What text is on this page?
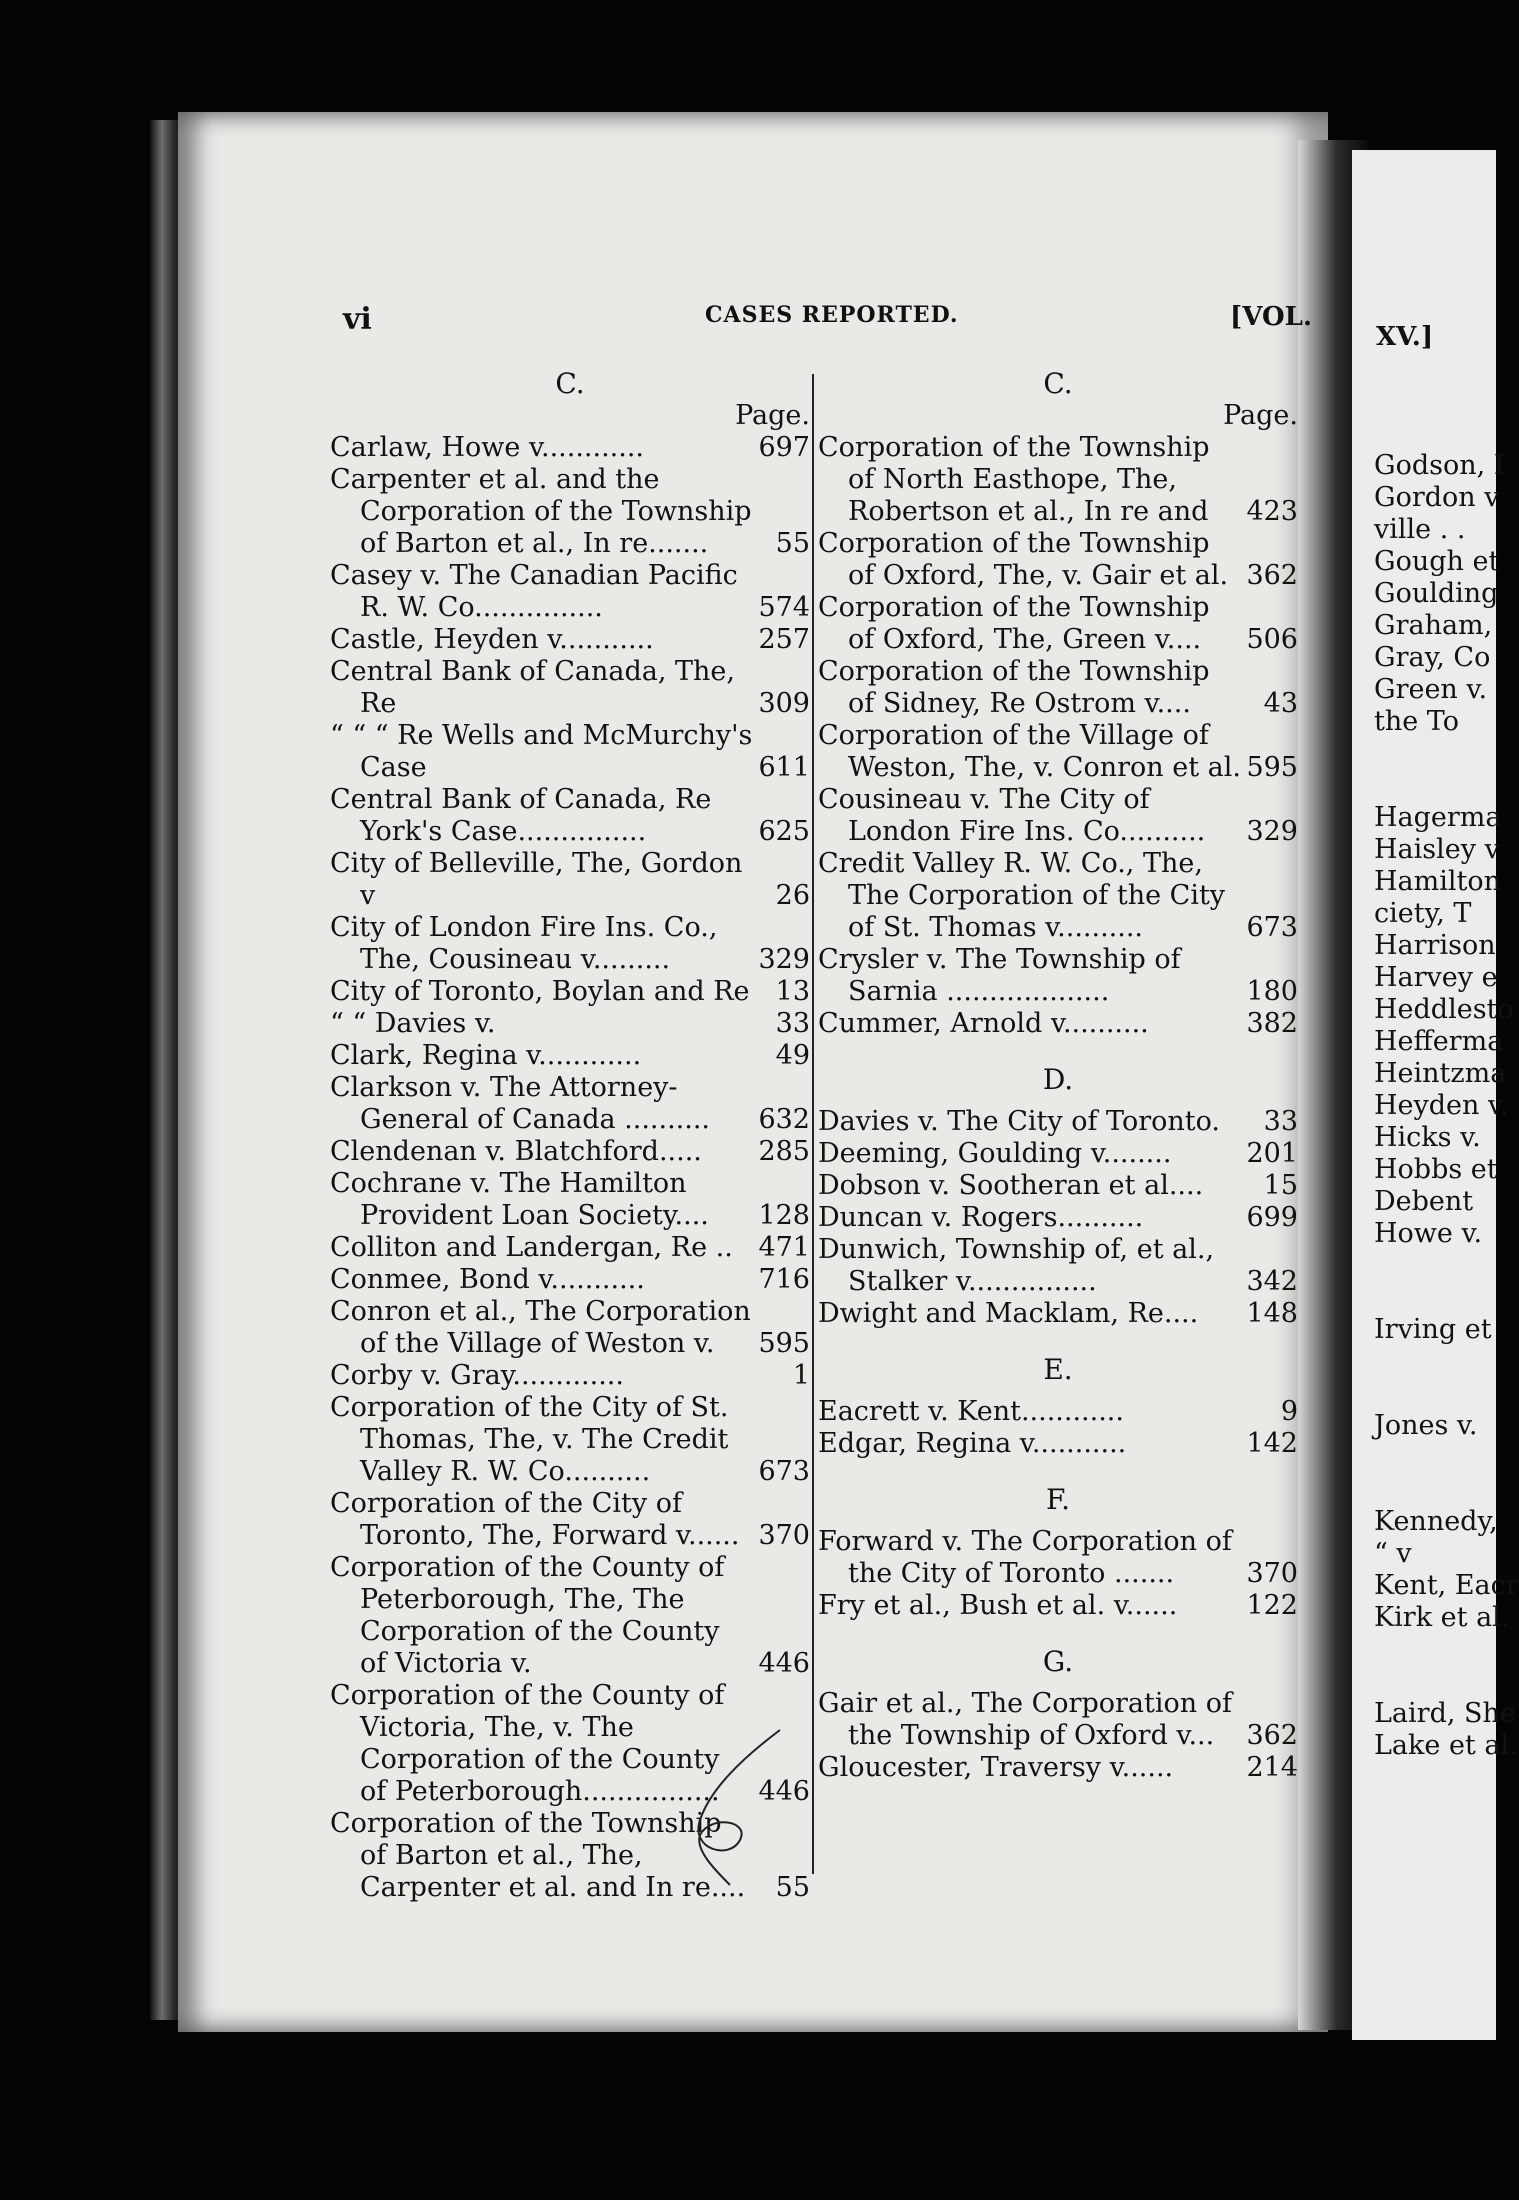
vi	CASES REPORTED.	[VOL.
C.
Page.
Carlaw, Howe v............	697
Carpenter et al. and the Corporation of the Township of Barton et al., In re.......	55
Casey v. The Canadian Pacific R. W. Co...............	574
Castle, Heyden v...........	257
Central Bank of Canada, The, Re	309
“ “ “ Re Wells and McMurchy's Case	611
Central Bank of Canada, Re York's Case...............	625
City of Belleville, The, Gordon v	26
City of London Fire Ins. Co., The, Cousineau v.........	329
City of Toronto, Boylan and Re 13
“ “ Davies v.	33
Clark, Regina v............	49
Clarkson v. The Attorney-General of Canada ..........	632
Clendenan v. Blatchford.....	285
Cochrane v. The Hamilton Provident Loan Society....	128
Colliton and Landergan, Re .. 471
Conmee, Bond v...........	716
Conron et al., The Corporation of the Village of Weston v.	595
Corby v. Gray.............	1
Corporation of the City of St. Thomas, The, v. The Credit Valley R. W. Co..........	673
Corporation of the City of Toronto, The, Forward v...... 370
Corporation of the County of Peterborough, The, The Corporation of the County of Victoria v.	446
Corporation of the County of Victoria, The, v. The Corporation of the County of Peterborough................	446
Corporation of the Township of Barton et al., The, Carpenter et al. and In re....	55
C.
Page.
Corporation of the Township of North Easthope, The, Robertson et al., In re and	423
Corporation of the Township of Oxford, The, v. Gair et al. 362
Corporation of the Township of Oxford, The, Green v....	506
Corporation of the Township of Sidney, Re Ostrom v....	43
Corporation of the Village of Weston, The, v. Conron et al. 595
Cousineau v. The City of London Fire Ins. Co..........	329
Credit Valley R. W. Co., The, The Corporation of the City of St. Thomas v..........	673
Crysler v. The Township of Sarnia ...................	180
Cummer, Arnold v..........	382
D.
Davies v. The City of Toronto.	33
Deeming, Goulding v........	201
Dobson v. Sootheran et al....	15
Duncan v. Rogers..........	699
Dunwich, Township of, et al., Stalker v...............	342
Dwight and Macklam, Re....	148
E.
Eacrett v. Kent............	9
Edgar, Regina v...........	142
F.
Forward v. The Corporation of the City of Toronto .......	370
Fry et al., Bush et al. v......	122
G.
Gair et al., The Corporation of the Township of Oxford v...	362
Gloucester, Traversy v......	214
XV.]
Godson, I
Gordon v
ville . .
Gough et
Goulding
Graham,
Gray, Co
Green v.
the To
Hagerma
Haisley v
Hamilton
ciety, T
Harrison
Harvey e
Heddlesto
Hefferma
Heintzma
Heyden v.
Hicks v.
Hobbs et
Debent
Howe v.
Irving et
Jones v.
Kennedy,
“ v
Kent, Eacr
Kirk et al.
Laird, She
Lake et al.
